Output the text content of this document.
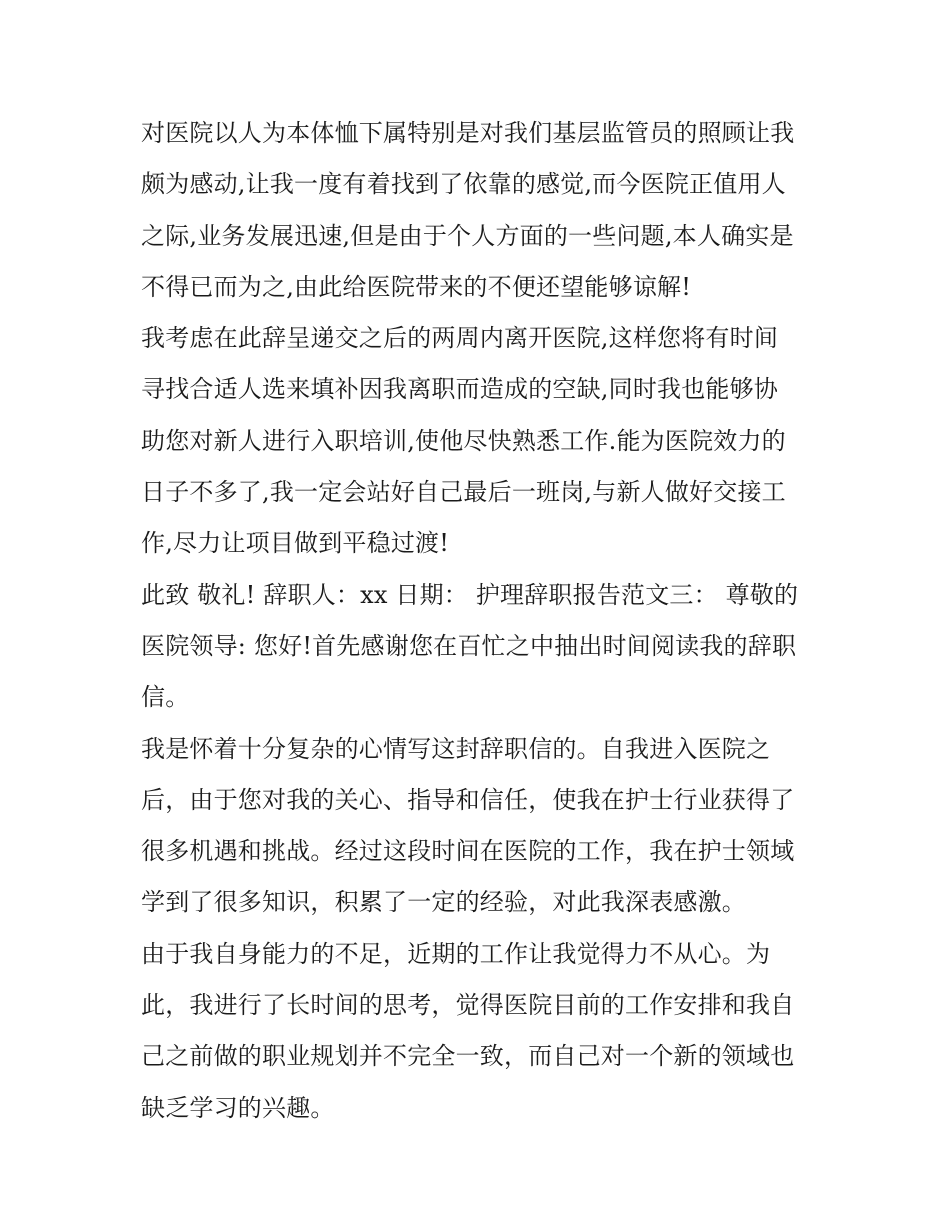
对医院以人为本体恤下属特别是对我们基层监管员的照顾让我
颇为感动,让我一度有着找到了依靠的感觉,而今医院正值用人
之际,业务发展迅速,但是由于个人方面的一些问题,本人确实是
不得已而为之,由此给医院带来的不便还望能够谅解!
我考虑在此辞呈递交之后的两周内离开医院,这样您将有时间
寻找合适人选来填补因我离职而造成的空缺,同时我也能够协
助您对新人进行入职培训,使他尽快熟悉工作.能为医院效力的
日子不多了,我一定会站好自己最后一班岗,与新人做好交接工
作,尽力让项目做到平稳过渡!
此致 敬礼! 辞职人：xx 日期： 护理辞职报告范文三： 尊敬的
医院领导: 您好!首先感谢您在百忙之中抽出时间阅读我的辞职
信。
我是怀着十分复杂的心情写这封辞职信的。自我进入医院之
后，由于您对我的关心、指导和信任，使我在护士行业获得了
很多机遇和挑战。经过这段时间在医院的工作，我在护士领域
学到了很多知识，积累了一定的经验，对此我深表感激。
由于我自身能力的不足，近期的工作让我觉得力不从心。为
此，我进行了长时间的思考，觉得医院目前的工作安排和我自
己之前做的职业规划并不完全一致，而自己对一个新的领域也
缺乏学习的兴趣。
